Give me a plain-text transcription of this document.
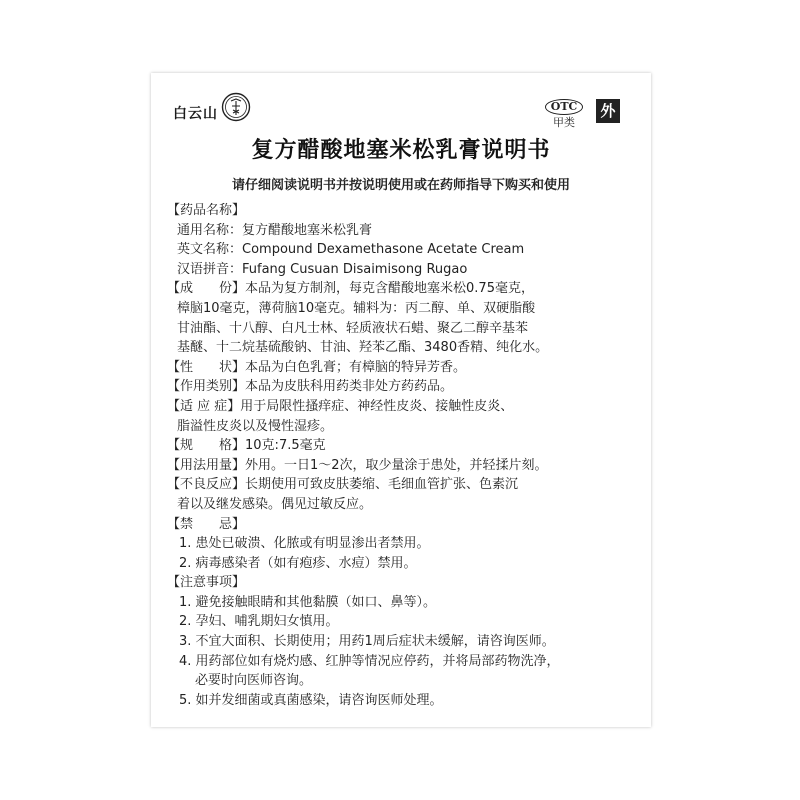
白云山	OTC
甲类
外
复方醋酸地塞米松乳膏说明书
请仔细阅读说明书并按说明使用或在药师指导下购买和使用
【药品名称】
通用名称：复方醋酸地塞米松乳膏
英文名称：Compound Dexamethasone Acetate Cream
汉语拼音：Fufang Cusuan Disaimisong Rugao
【成　　份】本品为复方制剂，每克含醋酸地塞米松0.75毫克，
樟脑10毫克，薄荷脑10毫克。辅料为：丙二醇、单、双硬脂酸
甘油酯、十八醇、白凡士林、轻质液状石蜡、聚乙二醇辛基苯
基醚、十二烷基硫酸钠、甘油、羟苯乙酯、3480香精、纯化水。
【性　　状】本品为白色乳膏；有樟脑的特异芳香。
【作用类别】本品为皮肤科用药类非处方药药品。
【适 应 症】用于局限性搔痒症、神经性皮炎、接触性皮炎、
脂溢性皮炎以及慢性湿疹。
【规　　格】10克:7.5毫克
【用法用量】外用。一日1～2次，取少量涂于患处，并轻揉片刻。
【不良反应】长期使用可致皮肤萎缩、毛细血管扩张、色素沉
着以及继发感染。偶见过敏反应。
【禁　　忌】
1. 患处已破溃、化脓或有明显渗出者禁用。
2. 病毒感染者（如有疱疹、水痘）禁用。
【注意事项】
1. 避免接触眼睛和其他黏膜（如口、鼻等）。
2. 孕妇、哺乳期妇女慎用。
3. 不宜大面积、长期使用；用药1周后症状未缓解，请咨询医师。
4. 用药部位如有烧灼感、红肿等情况应停药，并将局部药物洗净，
必要时向医师咨询。
5. 如并发细菌或真菌感染，请咨询医师处理。
